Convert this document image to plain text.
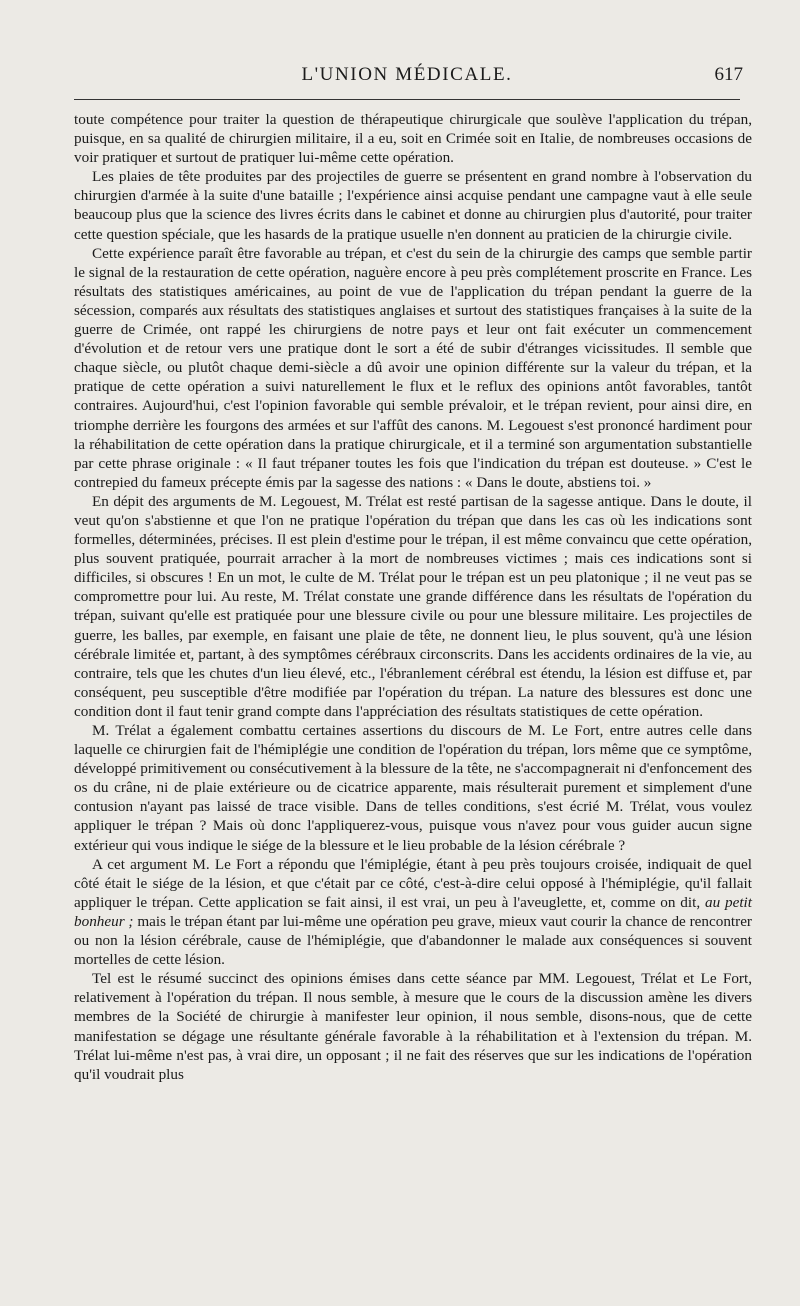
L'UNION MÉDICALE.	617

toute compétence pour traiter la question de thérapeutique chirurgicale que soulève l'application du trépan, puisque, en sa qualité de chirurgien militaire, il a eu, soit en Crimée soit en Italie, de nombreuses occasions de voir pratiquer et surtout de pratiquer lui-même cette opération.

Les plaies de tête produites par des projectiles de guerre se présentent en grand nombre à l'observation du chirurgien d'armée à la suite d'une bataille ; l'expérience ainsi acquise pendant une campagne vaut à elle seule beaucoup plus que la science des livres écrits dans le cabinet et donne au chirurgien plus d'autorité, pour traiter cette question spéciale, que les hasards de la pratique usuelle n'en donnent au praticien de la chirurgie civile.

Cette expérience paraît être favorable au trépan, et c'est du sein de la chirurgie des camps que semble partir le signal de la restauration de cette opération, naguère encore à peu près complétement proscrite en France. Les résultats des statistiques américaines, au point de vue de l'application du trépan pendant la guerre de la sécession, comparés aux résultats des statistiques anglaises et surtout des statistiques françaises à la suite de la guerre de Crimée, ont rappé les chirurgiens de notre pays et leur ont fait exécuter un commencement d'évolution et de retour vers une pratique dont le sort a été de subir d'étranges vicissitudes. Il semble que chaque siècle, ou plutôt chaque demi-siècle a dû avoir une opinion différente sur la valeur du trépan, et la pratique de cette opération a suivi naturellement le flux et le reflux des opinions antôt favorables, tantôt contraires. Aujourd'hui, c'est l'opinion favorable qui semble prévaloir, et le trépan revient, pour ainsi dire, en triomphe derrière les fourgons des armées et sur l'affût des canons. M. Legouest s'est prononcé hardiment pour la réhabilitation de cette opération dans la pratique chirurgicale, et il a terminé son argumentation substantielle par cette phrase originale : « Il faut trépaner toutes les fois que l'indication du trépan est douteuse. » C'est le contrepied du fameux précepte émis par la sagesse des nations : « Dans le doute, abstiens toi. »

En dépit des arguments de M. Legouest, M. Trélat est resté partisan de la sagesse antique. Dans le doute, il veut qu'on s'abstienne et que l'on ne pratique l'opération du trépan que dans les cas où les indications sont formelles, déterminées, précises. Il est plein d'estime pour le trépan, il est même convaincu que cette opération, plus souvent pratiquée, pourrait arracher à la mort de nombreuses victimes ; mais ces indications sont si difficiles, si obscures ! En un mot, le culte de M. Trélat pour le trépan est un peu platonique ; il ne veut pas se compromettre pour lui. Au reste, M. Trélat constate une grande différence dans les résultats de l'opération du trépan, suivant qu'elle est pratiquée pour une blessure civile ou pour une blessure militaire. Les projectiles de guerre, les balles, par exemple, en faisant une plaie de tête, ne donnent lieu, le plus souvent, qu'à une lésion cérébrale limitée et, partant, à des symptômes cérébraux circonscrits. Dans les accidents ordinaires de la vie, au contraire, tels que les chutes d'un lieu élevé, etc., l'ébranlement cérébral est étendu, la lésion est diffuse et, par conséquent, peu susceptible d'être modifiée par l'opération du trépan. La nature des blessures est donc une condition dont il faut tenir grand compte dans l'appréciation des résultats statistiques de cette opération.

M. Trélat a également combattu certaines assertions du discours de M. Le Fort, entre autres celle dans laquelle ce chirurgien fait de l'hémiplégie une condition de l'opération du trépan, lors même que ce symptôme, développé primitivement ou consécutivement à la blessure de la tête, ne s'accompagnerait ni d'enfoncement des os du crâne, ni de plaie extérieure ou de cicatrice apparente, mais résulterait purement et simplement d'une contusion n'ayant pas laissé de trace visible. Dans de telles conditions, s'est écrié M. Trélat, vous voulez appliquer le trépan ? Mais où donc l'appliquerez-vous, puisque vous n'avez pour vous guider aucun signe extérieur qui vous indique le siége de la blessure et le lieu probable de la lésion cérébrale ?

A cet argument M. Le Fort a répondu que l'émiplégie, étant à peu près toujours croisée, indiquait de quel côté était le siége de la lésion, et que c'était par ce côté, c'est-à-dire celui opposé à l'hémiplégie, qu'il fallait appliquer le trépan. Cette application se fait ainsi, il est vrai, un peu à l'aveuglette, et, comme on dit, au petit bonheur ; mais le trépan étant par lui-même une opération peu grave, mieux vaut courir la chance de rencontrer ou non la lésion cérébrale, cause de l'hémiplégie, que d'abandonner le malade aux conséquences si souvent mortelles de cette lésion.

Tel est le résumé succinct des opinions émises dans cette séance par MM. Legouest, Trélat et Le Fort, relativement à l'opération du trépan. Il nous semble, à mesure que le cours de la discussion amène les divers membres de la Société de chirurgie à manifester leur opinion, il nous semble, disons-nous, que de cette manifestation se dégage une résultante générale favorable à la réhabilitation et à l'extension du trépan. M. Trélat lui-même n'est pas, à vrai dire, un opposant ; il ne fait des réserves que sur les indications de l'opération qu'il voudrait plus
